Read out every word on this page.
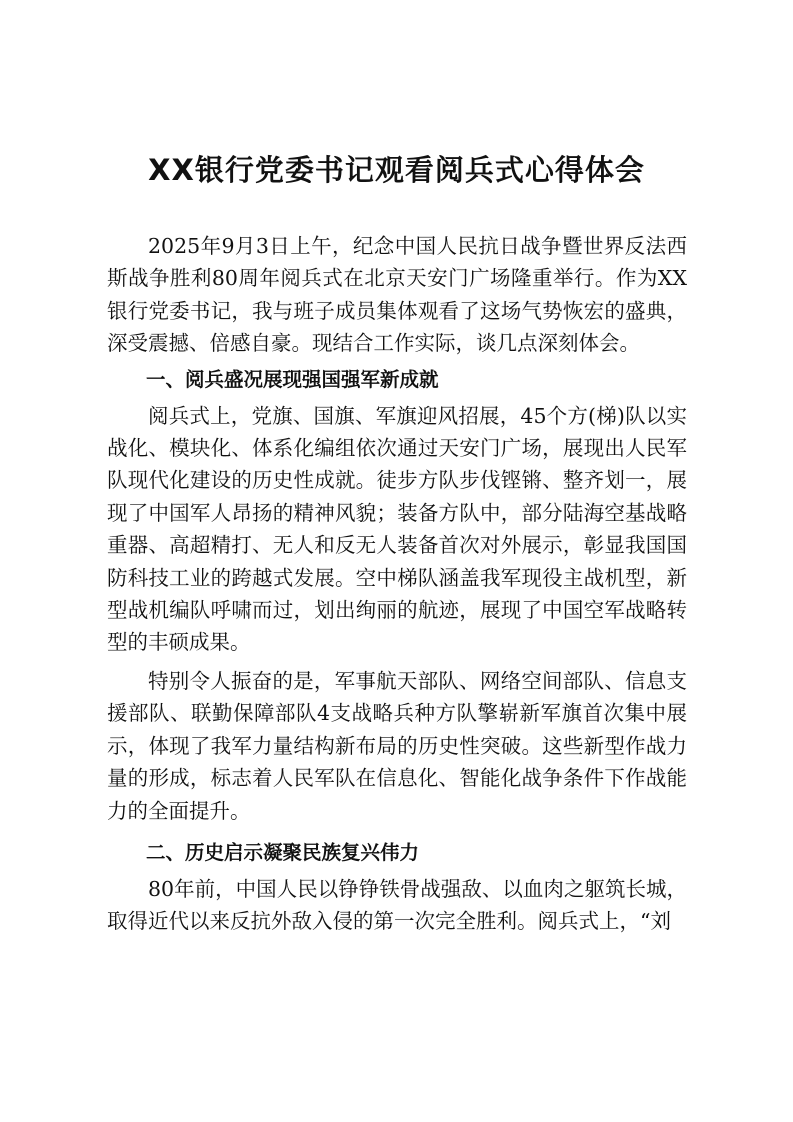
XX银行党委书记观看阅兵式心得体会

2025年9月3日上午，纪念中国人民抗日战争暨世界反法西斯战争胜利80周年阅兵式在北京天安门广场隆重举行。作为XX银行党委书记，我与班子成员集体观看了这场气势恢宏的盛典，深受震撼、倍感自豪。现结合工作实际，谈几点深刻体会。

一、阅兵盛况展现强国强军新成就

阅兵式上，党旗、国旗、军旗迎风招展，45个方(梯)队以实战化、模块化、体系化编组依次通过天安门广场，展现出人民军队现代化建设的历史性成就。徒步方队步伐铿锵、整齐划一，展现了中国军人昂扬的精神风貌；装备方队中，部分陆海空基战略重器、高超精打、无人和反无人装备首次对外展示，彰显我国国防科技工业的跨越式发展。空中梯队涵盖我军现役主战机型，新型战机编队呼啸而过，划出绚丽的航迹，展现了中国空军战略转型的丰硕成果。

特别令人振奋的是，军事航天部队、网络空间部队、信息支援部队、联勤保障部队4支战略兵种方队擎崭新军旗首次集中展示，体现了我军力量结构新布局的历史性突破。这些新型作战力量的形成，标志着人民军队在信息化、智能化战争条件下作战能力的全面提升。

二、历史启示凝聚民族复兴伟力

80年前，中国人民以铮铮铁骨战强敌、以血肉之躯筑长城，取得近代以来反抗外敌入侵的第一次完全胜利。阅兵式上，“刘
